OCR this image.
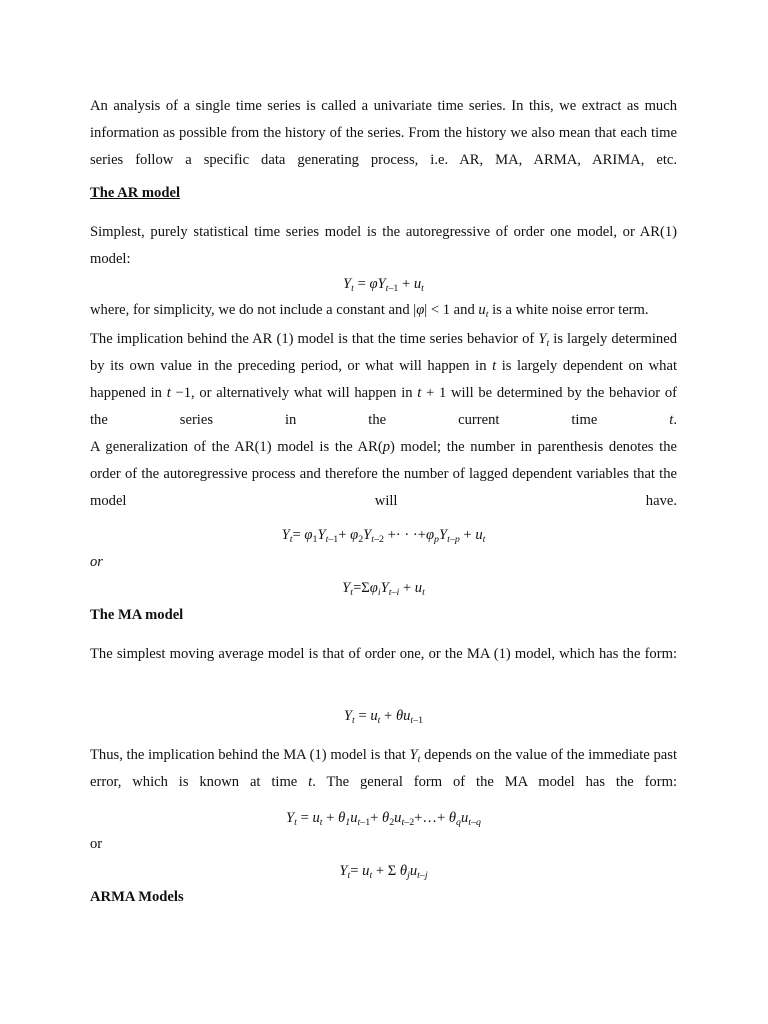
An analysis of a single time series is called a univariate time series. In this, we extract as much information as possible from the history of the series. From the history we also mean that each time series follow a specific data generating process, i.e. AR, MA, ARMA, ARIMA, etc.

The AR model

Simplest, purely statistical time series model is the autoregressive of order one model, or AR(1) model:

$Y_t = \varphi Y_{t-1} + u_t$

where, for simplicity, we do not include a constant and |φ| < 1 and $u_t$ is a white noise error term.

The implication behind the AR (1) model is that the time series behavior of $Y_t$ is largely determined by its own value in the preceding period, or what will happen in t is largely dependent on what happened in t −1, or alternatively what will happen in t + 1 will be determined by the behavior of the series in the current time t.

A generalization of the AR(1) model is the AR(p) model; the number in parenthesis denotes the order of the autoregressive process and therefore the number of lagged dependent variables that the model will have.

$Y_t= \varphi_1Y_{t-1}+ \varphi_2Y_{t-2}$ +· · $\cdot+\varphi_pY_{t-p} + u_t$

or

$Y_t=\Sigma\varphi_iY_{t-i} + u_t$

The MA model

The simplest moving average model is that of order one, or the MA (1) model, which has the form:

$Y_t = u_t + \theta u_{t-1}$

Thus, the implication behind the MA (1) model is that $Y_t$ depends on the value of the immediate past error, which is known at time t. The general form of the MA model has the form:

$Y_t = u_t + \theta_1u_{t-1}+$ $\theta_2u_{t-2}+\dots+ \theta_qu_{t-q}$

or

$Y_t= u_t + \Sigma$ $\theta_ju_{t-j}$

ARMA Models
